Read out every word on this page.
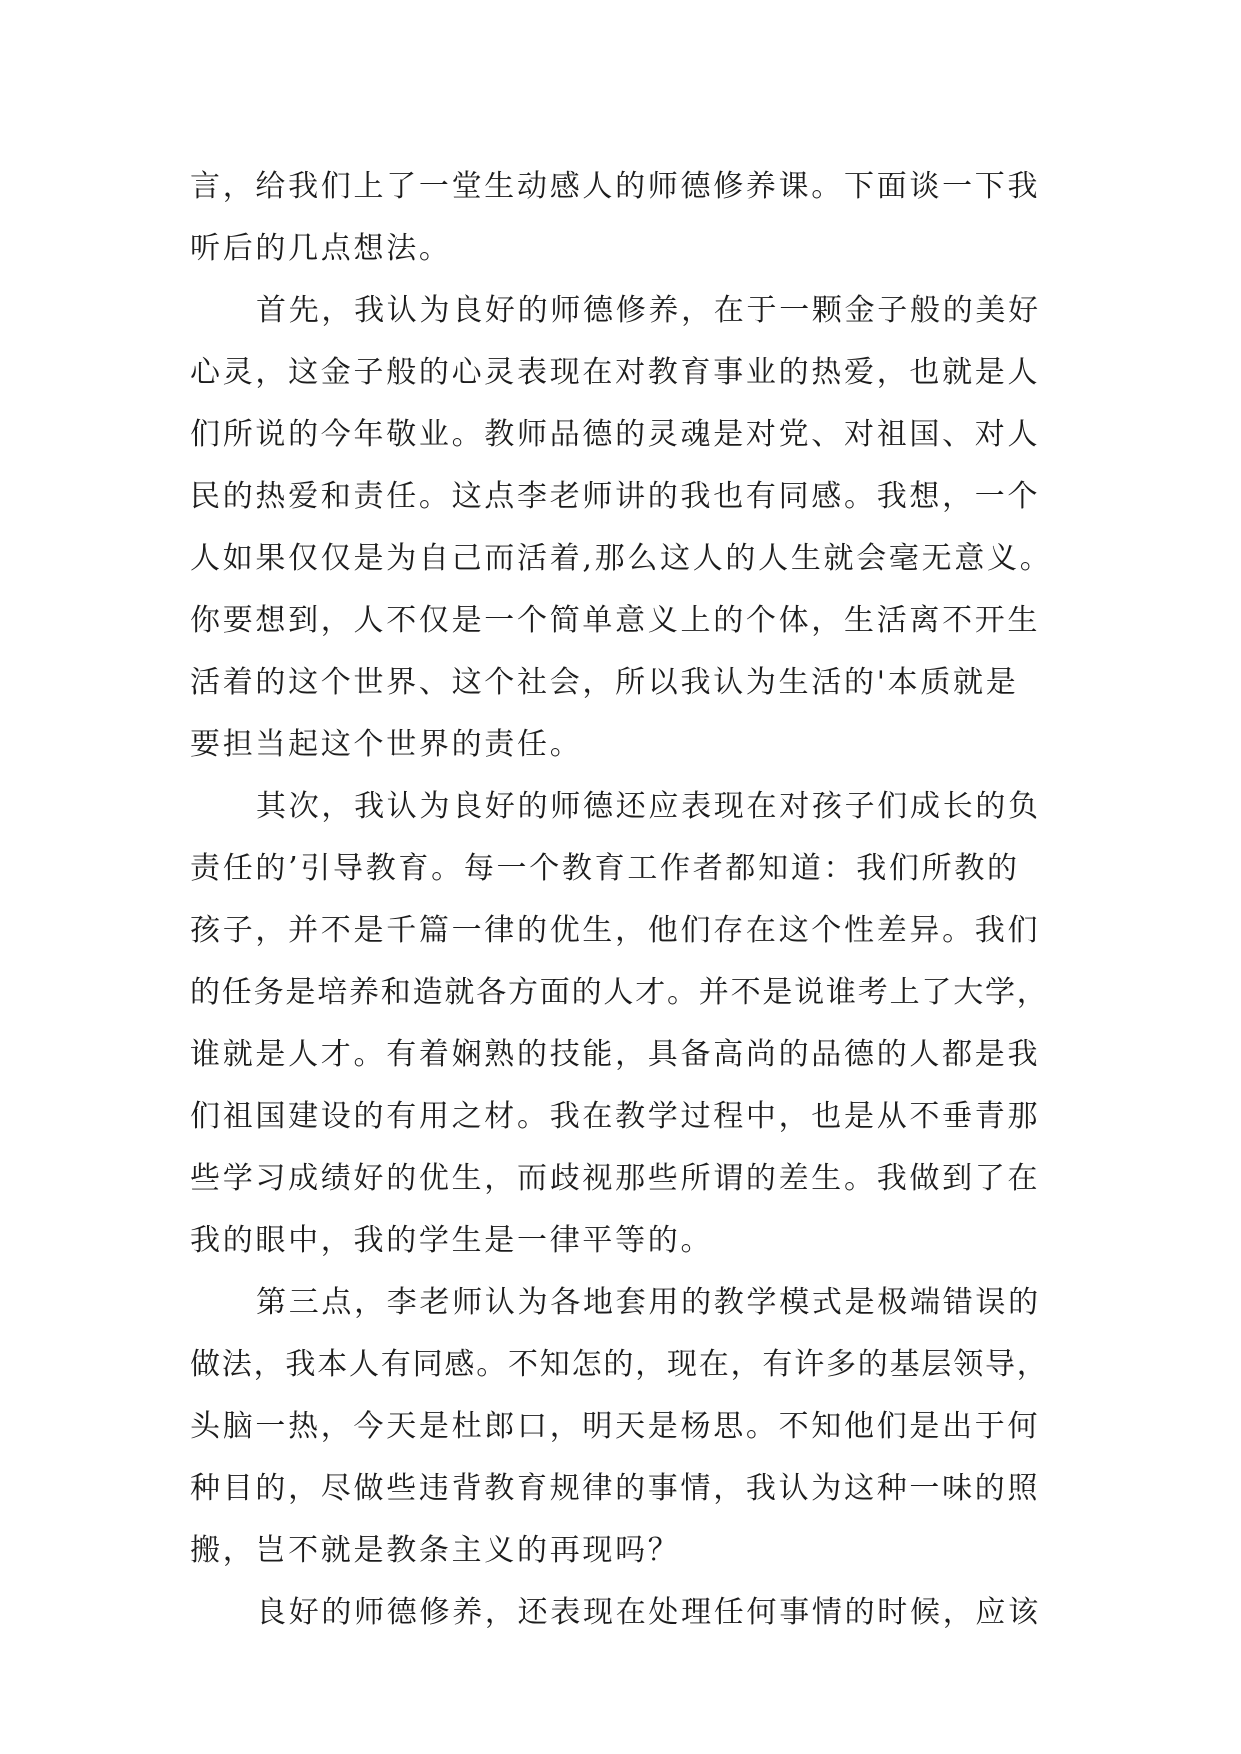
言，给我们上了一堂生动感人的师德修养课。下面谈一下我
听后的几点想法。
首先，我认为良好的师德修养，在于一颗金子般的美好
心灵，这金子般的心灵表现在对教育事业的热爱，也就是人
们所说的今年敬业。教师品德的灵魂是对党、对祖国、对人
民的热爱和责任。这点李老师讲的我也有同感。我想，一个
人如果仅仅是为自己而活着,那么这人的人生就会毫无意义。
你要想到，人不仅是一个简单意义上的个体，生活离不开生
活着的这个世界、这个社会，所以我认为生活的'本质就是
要担当起这个世界的责任。
其次，我认为良好的师德还应表现在对孩子们成长的负
责任的’引导教育。每一个教育工作者都知道：我们所教的
孩子，并不是千篇一律的优生，他们存在这个性差异。我们
的任务是培养和造就各方面的人才。并不是说谁考上了大学，
谁就是人才。有着娴熟的技能，具备高尚的品德的人都是我
们祖国建设的有用之材。我在教学过程中，也是从不垂青那
些学习成绩好的优生，而歧视那些所谓的差生。我做到了在
我的眼中，我的学生是一律平等的。
第三点，李老师认为各地套用的教学模式是极端错误的
做法，我本人有同感。不知怎的，现在，有许多的基层领导，
头脑一热，今天是杜郎口，明天是杨思。不知他们是出于何
种目的，尽做些违背教育规律的事情，我认为这种一味的照
搬，岂不就是教条主义的再现吗？
良好的师德修养，还表现在处理任何事情的时候，应该
